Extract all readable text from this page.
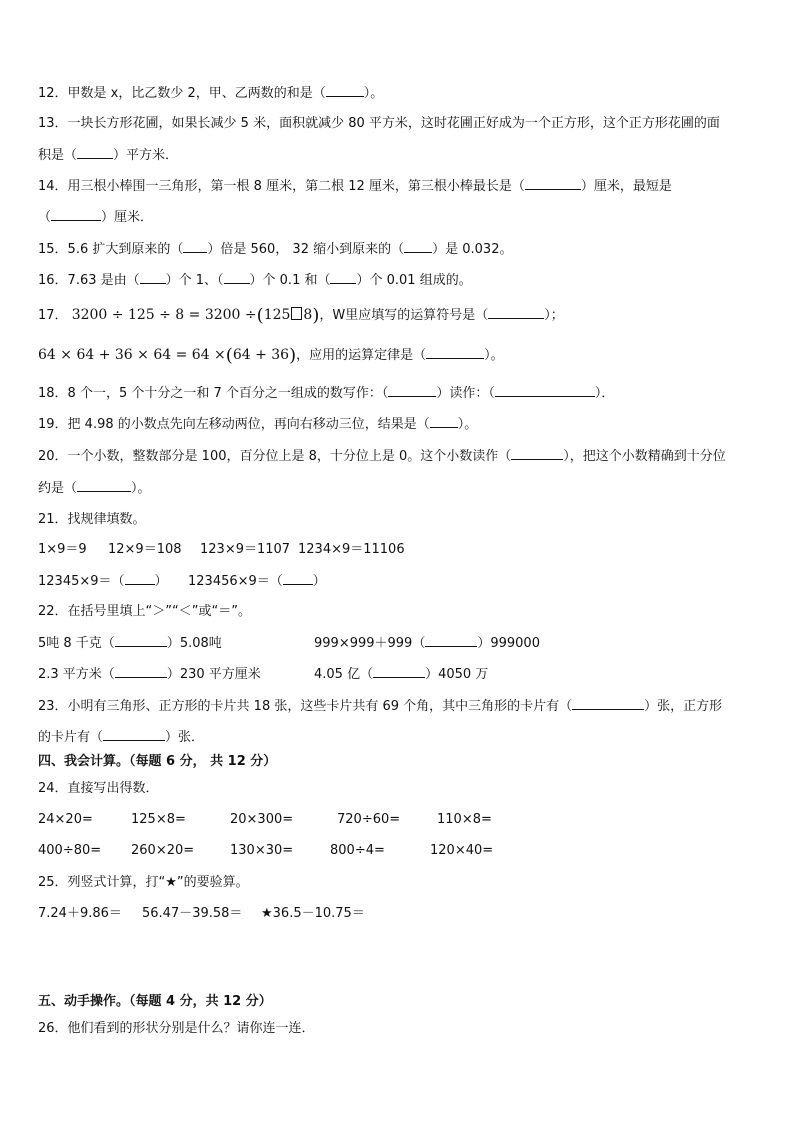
12．甲数是 x，比乙数少 2，甲、乙两数的和是（	）。
13．一块长方形花圃，如果长减少 5 米，面积就减少 80 平方米，这时花圃正好成为一个正方形，这个正方形花圃的面
积是（	）平方米．
14．用三根小棒围一三角形，第一根 8 厘米，第二根 12 厘米，第三根小棒最长是（	）厘米，最短是
（	）厘米．
15．5.6 扩大到原来的（ ）倍是 560， 32 缩小到原来的（ ）是 0.032。
16．7.63 是由（ ）个 1、（ ）个 0.1 和（ ）个 0.01 组成的。
17． 3200 ÷ 125 ÷ 8 = 3200 ÷(125 8)，W里应填写的运算符号是（	）；
64 × 64 + 36 × 64 = 64 ×(64 + 36)，应用的运算定律是（	）。
18．8 个一，5 个十分之一和 7 个百分之一组成的数写作：（	）读作：（	）．
19．把 4.98 的小数点先向左移动两位，再向右移动三位，结果是（ ）。
20．一个小数，整数部分是 100，百分位上是 8，十分位上是 0。这个小数读作（	），把这个小数精确到十分位
约是（	）。
21．找规律填数。
1×9＝9 12×9＝108 123×9＝1107 1234×9＝11106
12345×9＝（ ） 123456×9＝（ ）
22．在括号里填上“＞”“＜”或“＝”。
5吨 8 千克（	）5.08吨	999×999＋999（	）999000
2.3 平方米（	）230 平方厘米	4.05 亿（	）4050 万
23．小明有三角形、正方形的卡片共 18 张，这些卡片共有 69 个角，其中三角形的卡片有（	）张，正方形
的卡片有（	）张．
四、我会计算。（每题 6 分， 共 12 分）
24．直接写出得数．
24×20=	125×8=	20×300=	720÷60=	110×8=
400÷80= 260×20=	130×30=	800÷4=	120×40=
25．列竖式计算，打“★”的要验算。
7.24＋9.86＝ 56.47－39.58＝ ★36.5－10.75＝
五、动手操作。（每题 4 分，共 12 分）
26．他们看到的形状分别是什么？请你连一连．
